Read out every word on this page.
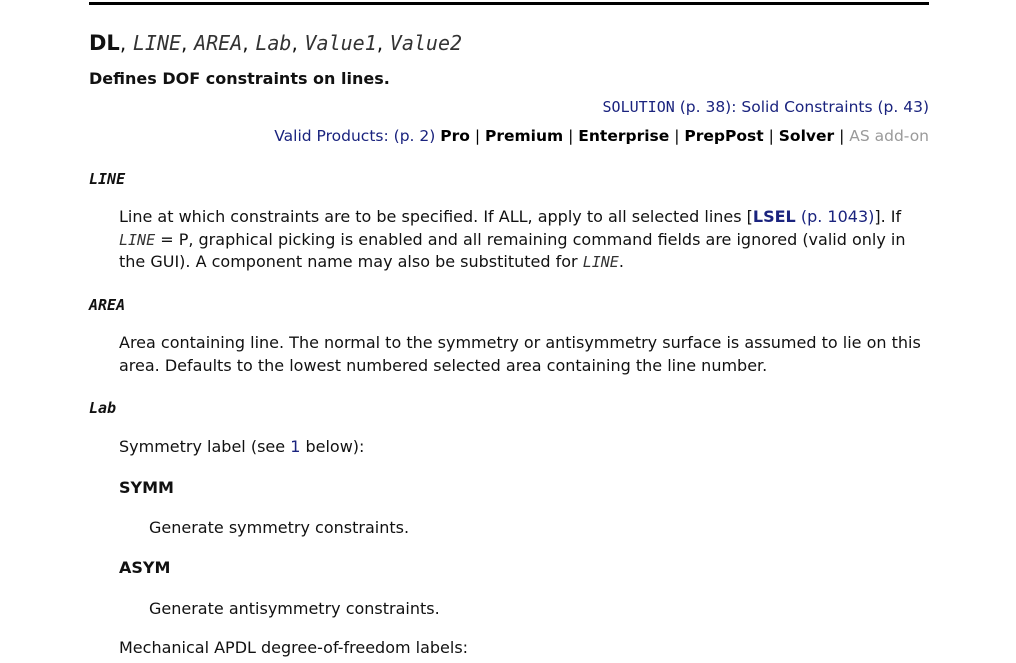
DL, LINE, AREA, Lab, Value1, Value2
Defines DOF constraints on lines.
SOLUTION (p. 38): Solid Constraints (p. 43)
Valid Products: (p. 2) Pro | Premium | Enterprise | PrepPost | Solver | AS add-on
LINE
Line at which constraints are to be specified. If ALL, apply to all selected lines [LSEL (p. 1043)]. If LINE = P, graphical picking is enabled and all remaining command fields are ignored (valid only in the GUI). A component name may also be substituted for LINE.
AREA
Area containing line. The normal to the symmetry or antisymmetry surface is assumed to lie on this area. Defaults to the lowest numbered selected area containing the line number.
Lab
Symmetry label (see 1 below):
SYMM
Generate symmetry constraints.
ASYM
Generate antisymmetry constraints.
Mechanical APDL degree-of-freedom labels:
